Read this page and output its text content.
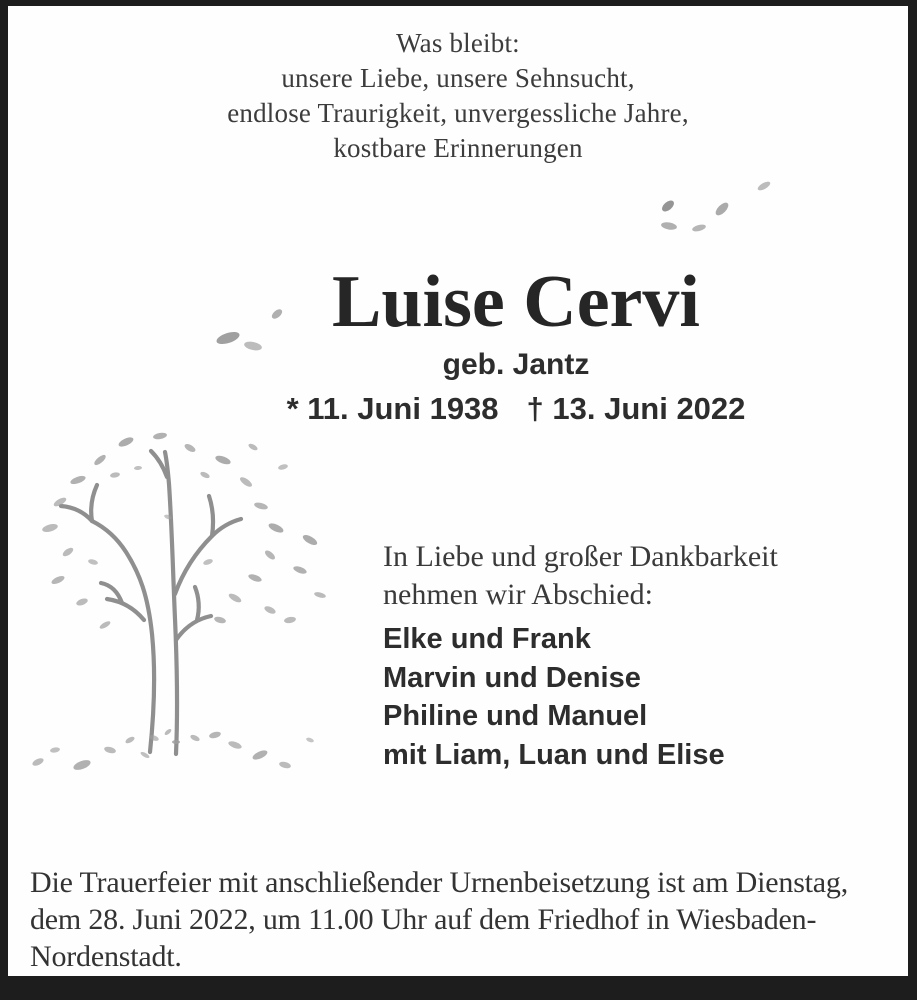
Was bleibt:
unsere Liebe, unsere Sehnsucht,
endlose Traurigkeit, unvergessliche Jahre,
kostbare Erinnerungen
Luise Cervi
geb. Jantz
* 11. Juni 1938 † 13. Juni 2022
In Liebe und großer Dankbarkeit
nehmen wir Abschied:
Elke und Frank
Marvin und Denise
Philine und Manuel
mit Liam, Luan und Elise
Die Trauerfeier mit anschließender Urnenbeisetzung ist am Dienstag,
dem 28. Juni 2022, um 11.00 Uhr auf dem Friedhof in Wiesbaden-
Nordenstadt.
